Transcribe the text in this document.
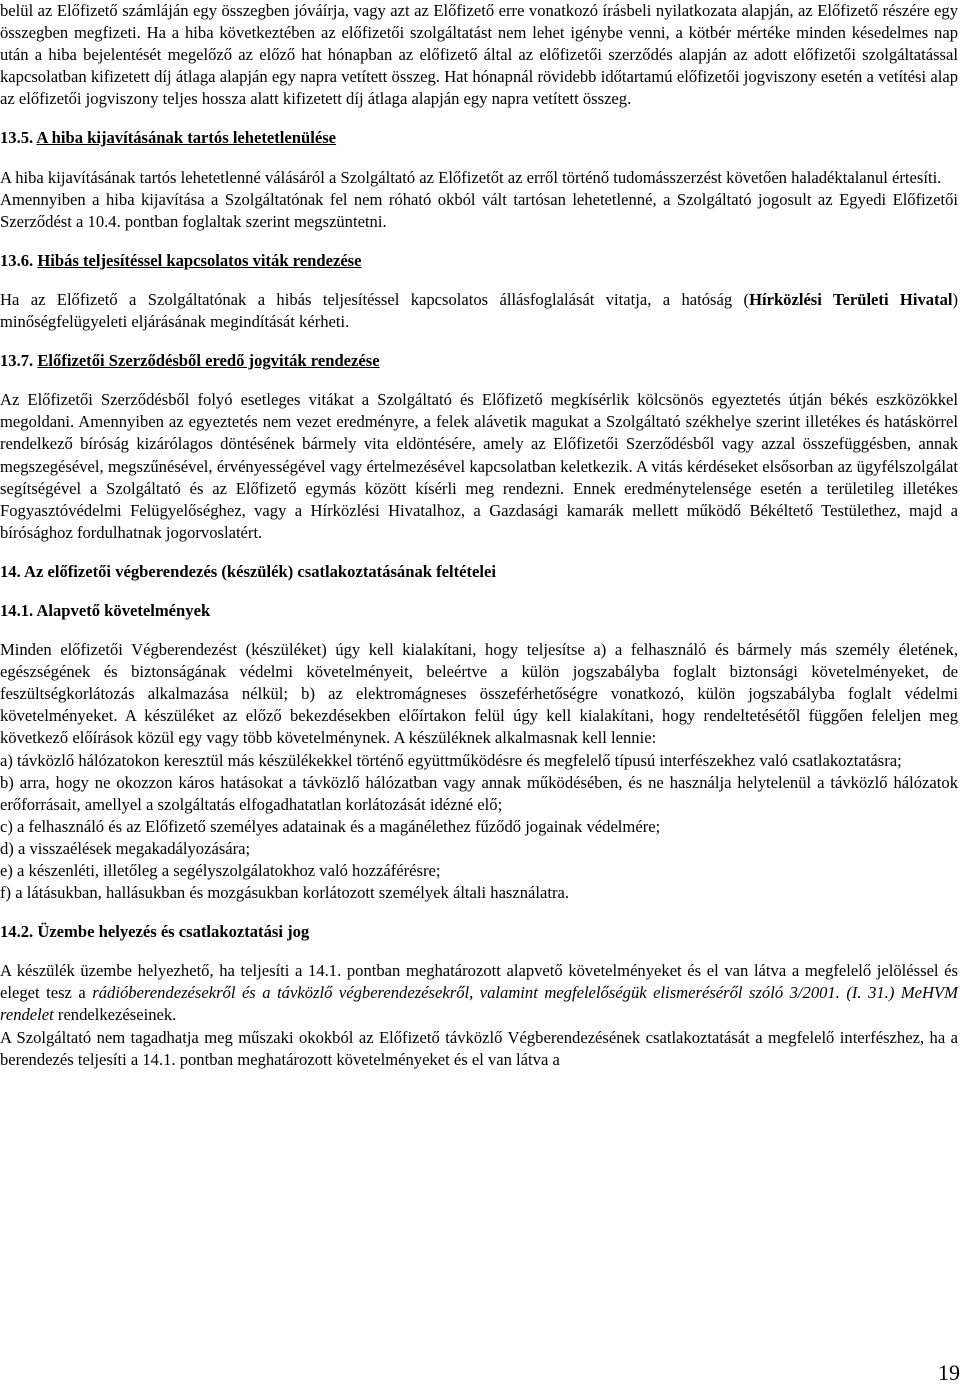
belül az Előfizető számláján egy összegben jóváírja, vagy azt az Előfizető erre vonatkozó írásbeli nyilatkozata alapján, az Előfizető részére egy összegben megfizeti. Ha a hiba következtében az előfizetői szolgáltatást nem lehet igénybe venni, a kötbér mértéke minden késedelmes nap után a hiba bejelentését megelőző az előző hat hónapban az előfizető által az előfizetői szerződés alapján az adott előfizetői szolgáltatással kapcsolatban kifizetett díj átlaga alapján egy napra vetített összeg. Hat hónapnál rövidebb időtartamú előfizetői jogviszony esetén a vetítési alap az előfizetői jogviszony teljes hossza alatt kifizetett díj átlaga alapján egy napra vetített összeg.

13.5. A hiba kijavításának tartós lehetetlenülése

A hiba kijavításának tartós lehetetlenné válásáról a Szolgáltató az Előfizetőt az erről történő tudomásszerzést követően haladéktalanul értesíti.

Amennyiben a hiba kijavítása a Szolgáltatónak fel nem róható okból vált tartósan lehetetlenné, a Szolgáltató jogosult az Egyedi Előfizetői Szerződést a 10.4. pontban foglaltak szerint megszüntetni.

13.6. Hibás teljesítéssel kapcsolatos viták rendezése

Ha az Előfizető a Szolgáltatónak a hibás teljesítéssel kapcsolatos állásfoglalását vitatja, a hatóság (Hírközlési Területi Hivatal) minőségfelügyeleti eljárásának megindítását kérheti.

13.7. Előfizetői Szerződésből eredő jogviták rendezése

Az Előfizetői Szerződésből folyó esetleges vitákat a Szolgáltató és Előfizető megkísérlik kölcsönös egyeztetés útján békés eszközökkel megoldani. Amennyiben az egyeztetés nem vezet eredményre, a felek alávetik magukat a Szolgáltató székhelye szerint illetékes és hatáskörrel rendelkező bíróság kizárólagos döntésének bármely vita eldöntésére, amely az Előfizetői Szerződésből vagy azzal összefüggésben, annak megszegésével, megszűnésével, érvényességével vagy értelmezésével kapcsolatban keletkezik. A vitás kérdéseket elsősorban az ügyfélszolgálat segítségével a Szolgáltató és az Előfizető egymás között kísérli meg rendezni. Ennek eredménytelensége esetén a területileg illetékes Fogyasztóvédelmi Felügyelőséghez, vagy a Hírközlési Hivatalhoz, a Gazdasági kamarák mellett működő Békéltető Testülethez, majd a bírósághoz fordulhatnak jogorvoslatért.

14. Az előfizetői végberendezés (készülék) csatlakoztatásának feltételei
14.1. Alapvető követelmények

Minden előfizetői Végberendezést (készüléket) úgy kell kialakítani, hogy teljesítse a) a felhasználó és bármely más személy életének, egészségének és biztonságának védelmi követelményeit, beleértve a külön jogszabályba foglalt biztonsági követelményeket, de feszültségkorlátozás alkalmazása nélkül; b) az elektromágneses összeférhetőségre vonatkozó, külön jogszabályba foglalt védelmi követelményeket. A készüléket az előző bekezdésekben előírtakon felül úgy kell kialakítani, hogy rendeltetésétől függően feleljen meg következő előírások közül egy vagy több követelménynek. A készüléknek alkalmasnak kell lennie:

a) távközlő hálózatokon keresztül más készülékekkel történő együttműködésre és megfelelő típusú interfészekhez való csatlakoztatásra;

b) arra, hogy ne okozzon káros hatásokat a távközlő hálózatban vagy annak működésében, és ne használja helytelenül a távközlő hálózatok erőforrásait, amellyel a szolgáltatás elfogadhatatlan korlátozását idézné elő;

c) a felhasználó és az Előfizető személyes adatainak és a magánélethez fűződő jogainak védelmére;

d) a visszaélések megakadályozására;

e) a készenléti, illetőleg a segélyszolgálatokhoz való hozzáférésre;

f) a látásukban, hallásukban és mozgásukban korlátozott személyek általi használatra.

14.2. Üzembe helyezés és csatlakoztatási jog

A készülék üzembe helyezhető, ha teljesíti a 14.1. pontban meghatározott alapvető követelményeket és el van látva a megfelelő jelöléssel és eleget tesz a rádióberendezésekről és a távközlő végberendezésekről, valamint megfelelőségük elismeréséről szóló 3/2001. (I. 31.) MeHVM rendelet rendelkezéseinek.

A Szolgáltató nem tagadhatja meg műszaki okokból az Előfizető távközlő Végberendezésének csatlakoztatását a megfelelő interfészhez, ha a berendezés teljesíti a 14.1. pontban meghatározott követelményeket és el van látva a

19
